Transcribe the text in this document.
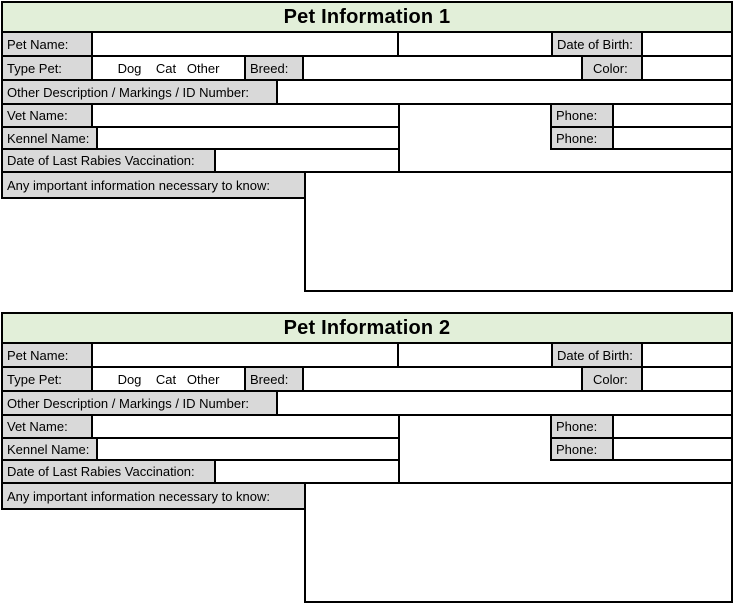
Pet Information 1
Pet Name:	Date of Birth:
Type Pet:	Dog    Cat   Other	Breed:	Color:
Other Description / Markings / ID Number:
Vet Name:	Phone:
Kennel Name:	Phone:
Date of Last Rabies Vaccination:
Any important information necessary to know:
Pet Information 2
Pet Name:	Date of Birth:
Type Pet:	Dog    Cat   Other	Breed:	Color:
Other Description / Markings / ID Number:
Vet Name:	Phone:
Kennel Name:	Phone:
Date of Last Rabies Vaccination:
Any important information necessary to know:
